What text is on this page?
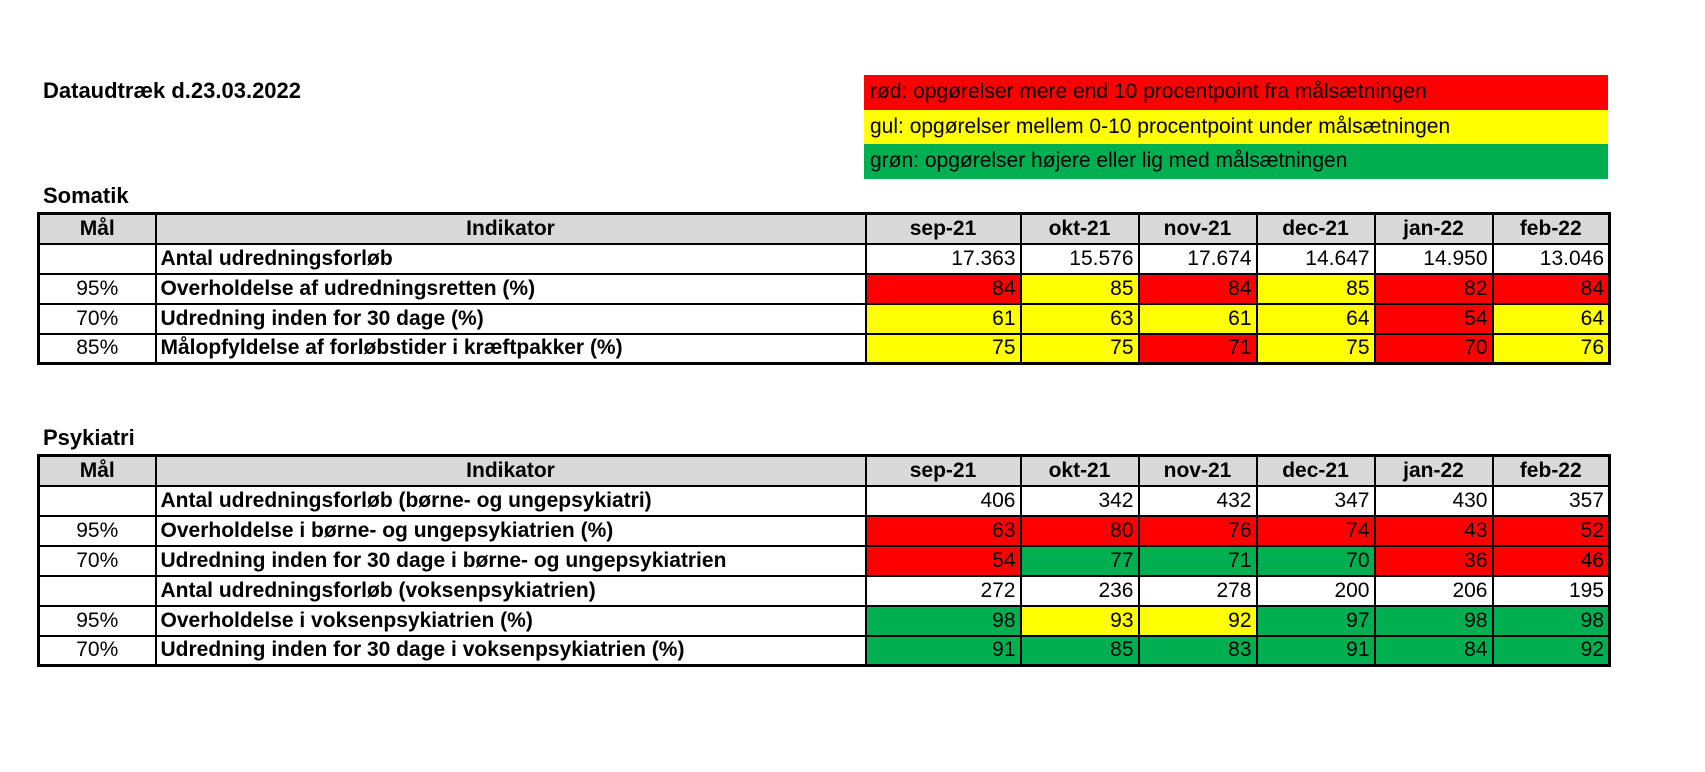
Dataudtræk d.23.03.2022	rød: opgørelser mere end 10 procentpoint fra målsætningen
gul: opgørelser mellem 0-10 procentpoint under målsætningen
grøn: opgørelser højere eller lig med målsætningen
Somatik
Mål	Indikator	sep-21	okt-21	nov-21	dec-21	jan-22	feb-22
	Antal udredningsforløb	17.363	15.576	17.674	14.647	14.950	13.046
95%	Overholdelse af udredningsretten (%)	84	85	84	85	82	84
70%	Udredning inden for 30 dage (%)	61	63	61	64	54	64
85%	Målopfyldelse af forløbstider i kræftpakker (%)	75	75	71	75	70	76
Psykiatri
Mål	Indikator	sep-21	okt-21	nov-21	dec-21	jan-22	feb-22
	Antal udredningsforløb (børne- og ungepsykiatri)	406	342	432	347	430	357
95%	Overholdelse i børne- og ungepsykiatrien (%)	63	80	76	74	43	52
70%	Udredning inden for 30 dage i børne- og ungepsykiatrien	54	77	71	70	36	46
	Antal udredningsforløb (voksenpsykiatrien)	272	236	278	200	206	195
95%	Overholdelse i voksenpsykiatrien (%)	98	93	92	97	98	98
70%	Udredning inden for 30 dage i voksenpsykiatrien (%)	91	85	83	91	84	92
